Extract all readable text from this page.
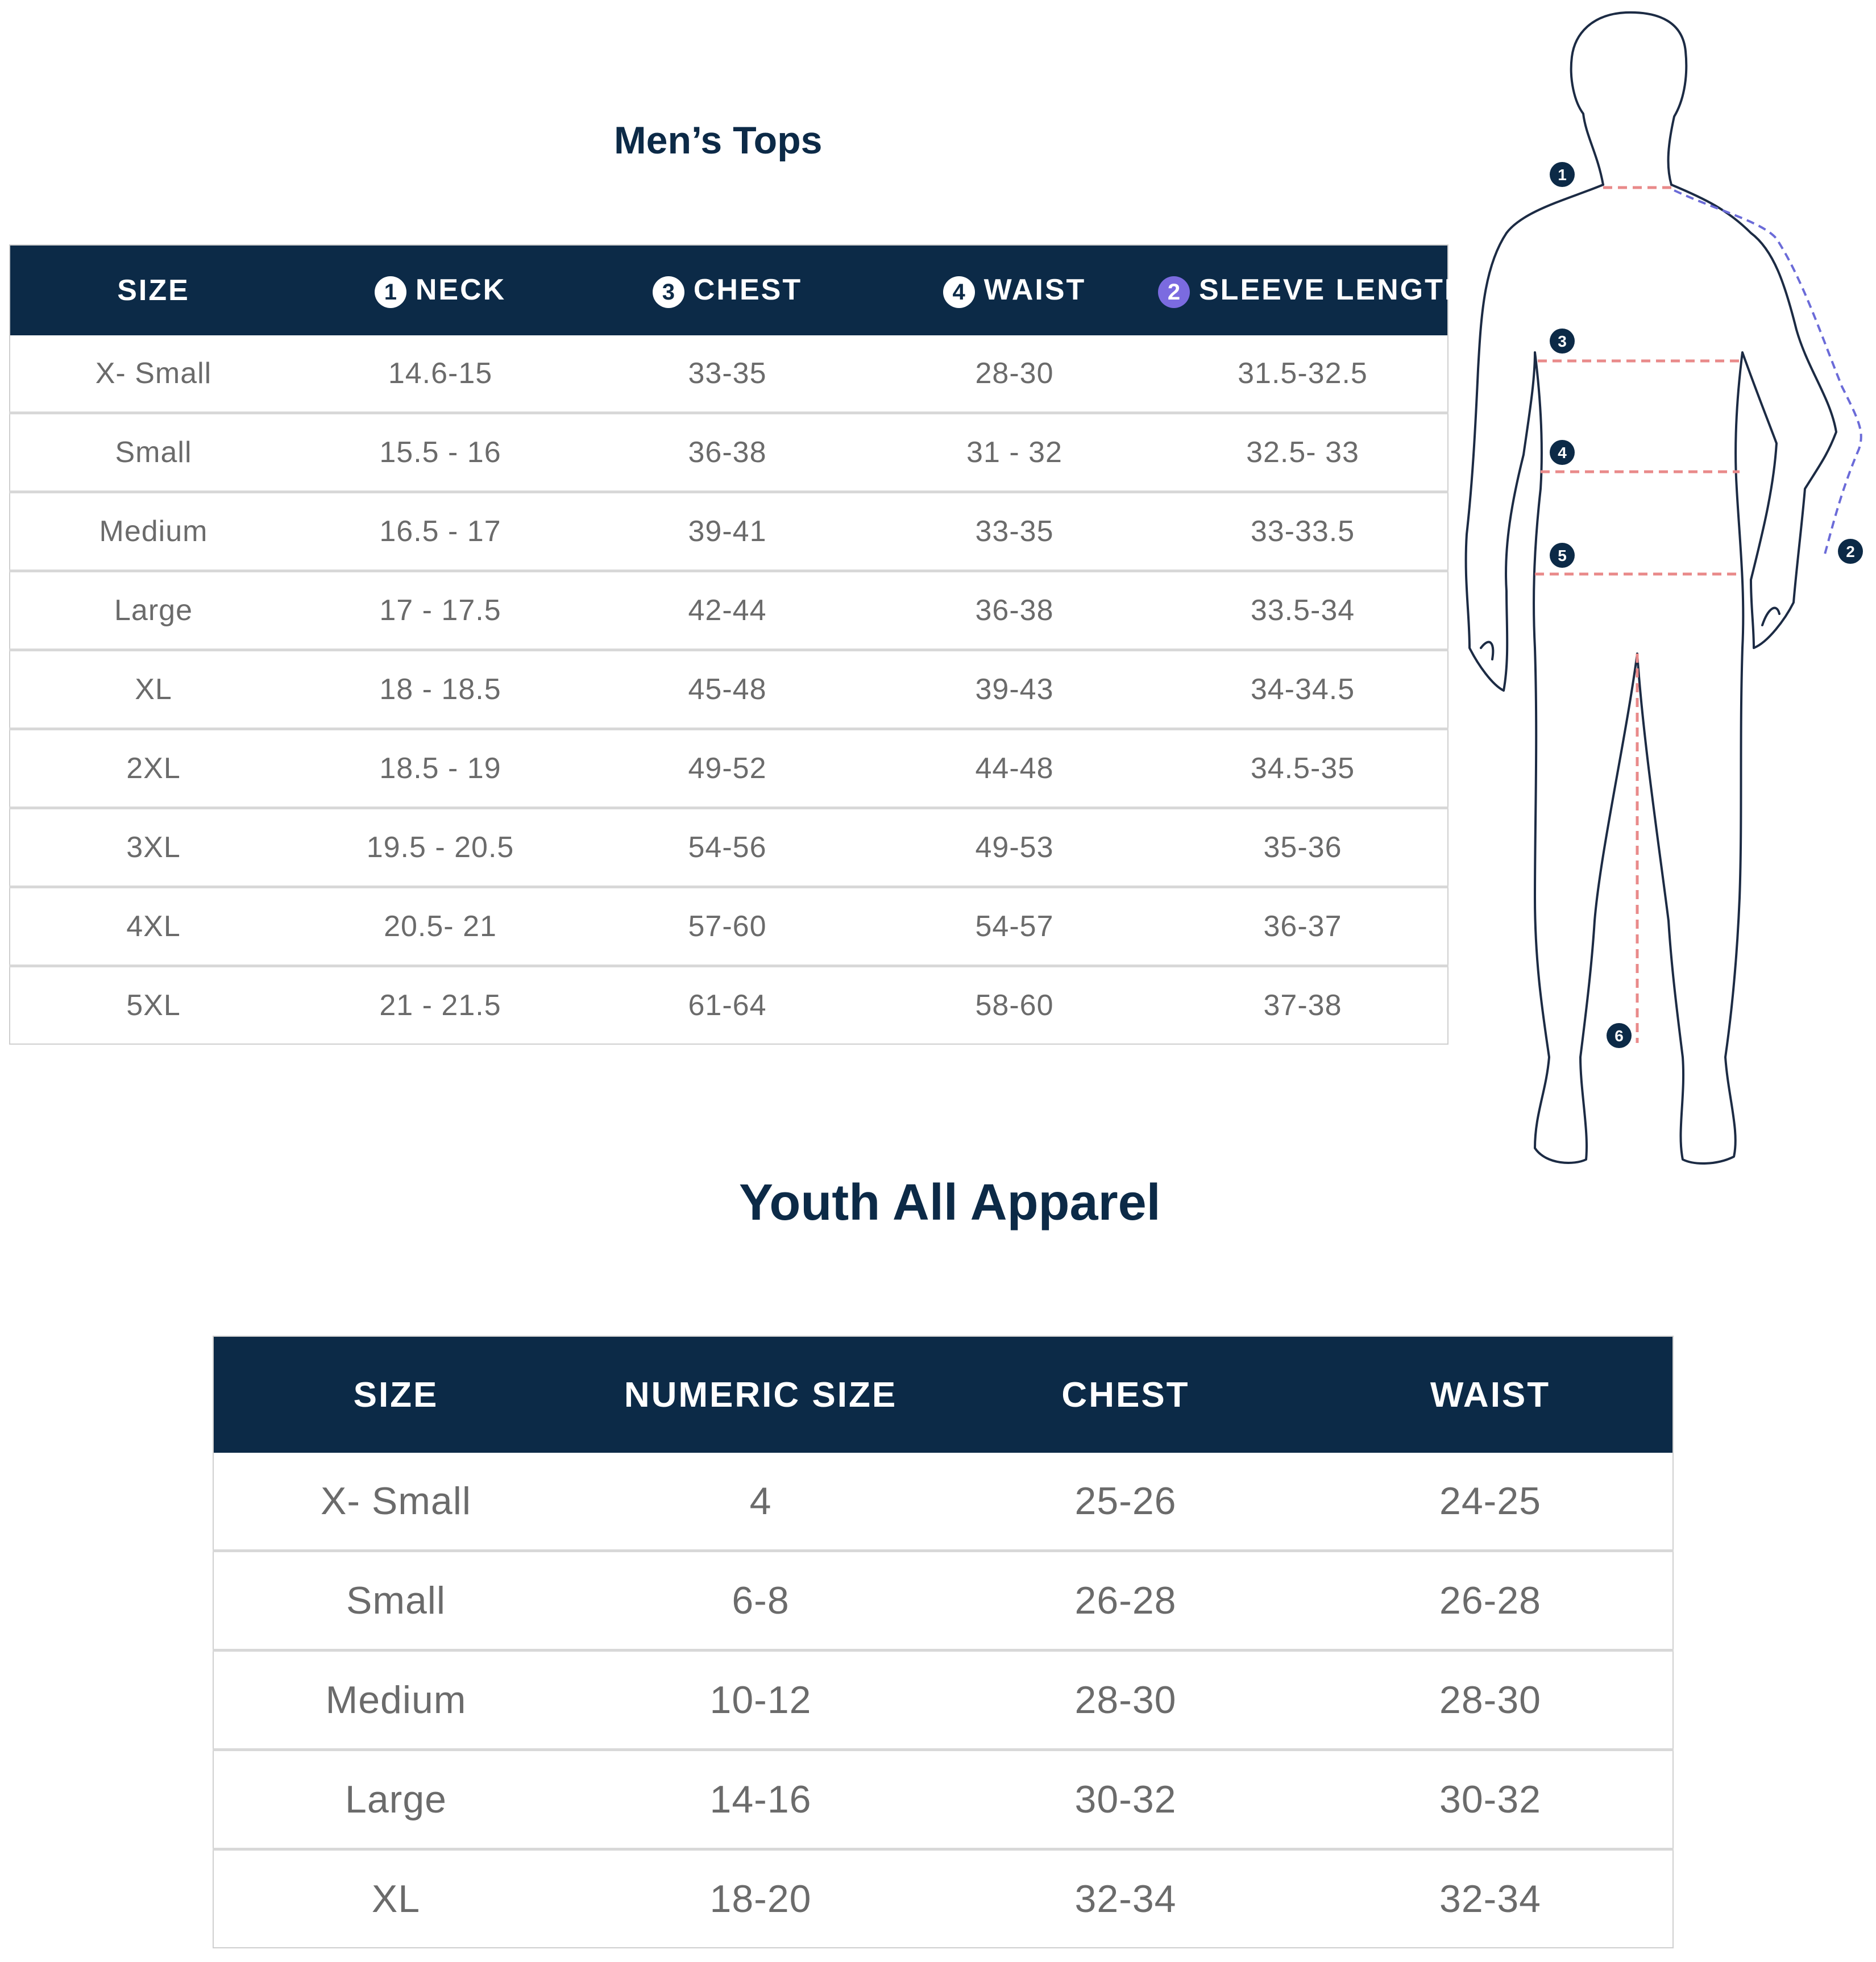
Men’s Tops
SIZE	1 NECK	3 CHEST	4 WAIST	2 SLEEVE LENGTH
X- Small	14.6-15	33-35	28-30	31.5-32.5
Small	15.5 - 16	36-38	31 - 32	32.5- 33
Medium	16.5 - 17	39-41	33-35	33-33.5
Large	17 - 17.5	42-44	36-38	33.5-34
XL	18 - 18.5	45-48	39-43	34-34.5
2XL	18.5 - 19	49-52	44-48	34.5-35
3XL	19.5 - 20.5	54-56	49-53	35-36
4XL	20.5- 21	57-60	54-57	36-37
5XL	21 - 21.5	61-64	58-60	37-38
1
2
3
4
5
6
Youth All Apparel
SIZE	NUMERIC SIZE	CHEST	WAIST
X- Small	4	25-26	24-25
Small	6-8	26-28	26-28
Medium	10-12	28-30	28-30
Large	14-16	30-32	30-32
XL	18-20	32-34	32-34
